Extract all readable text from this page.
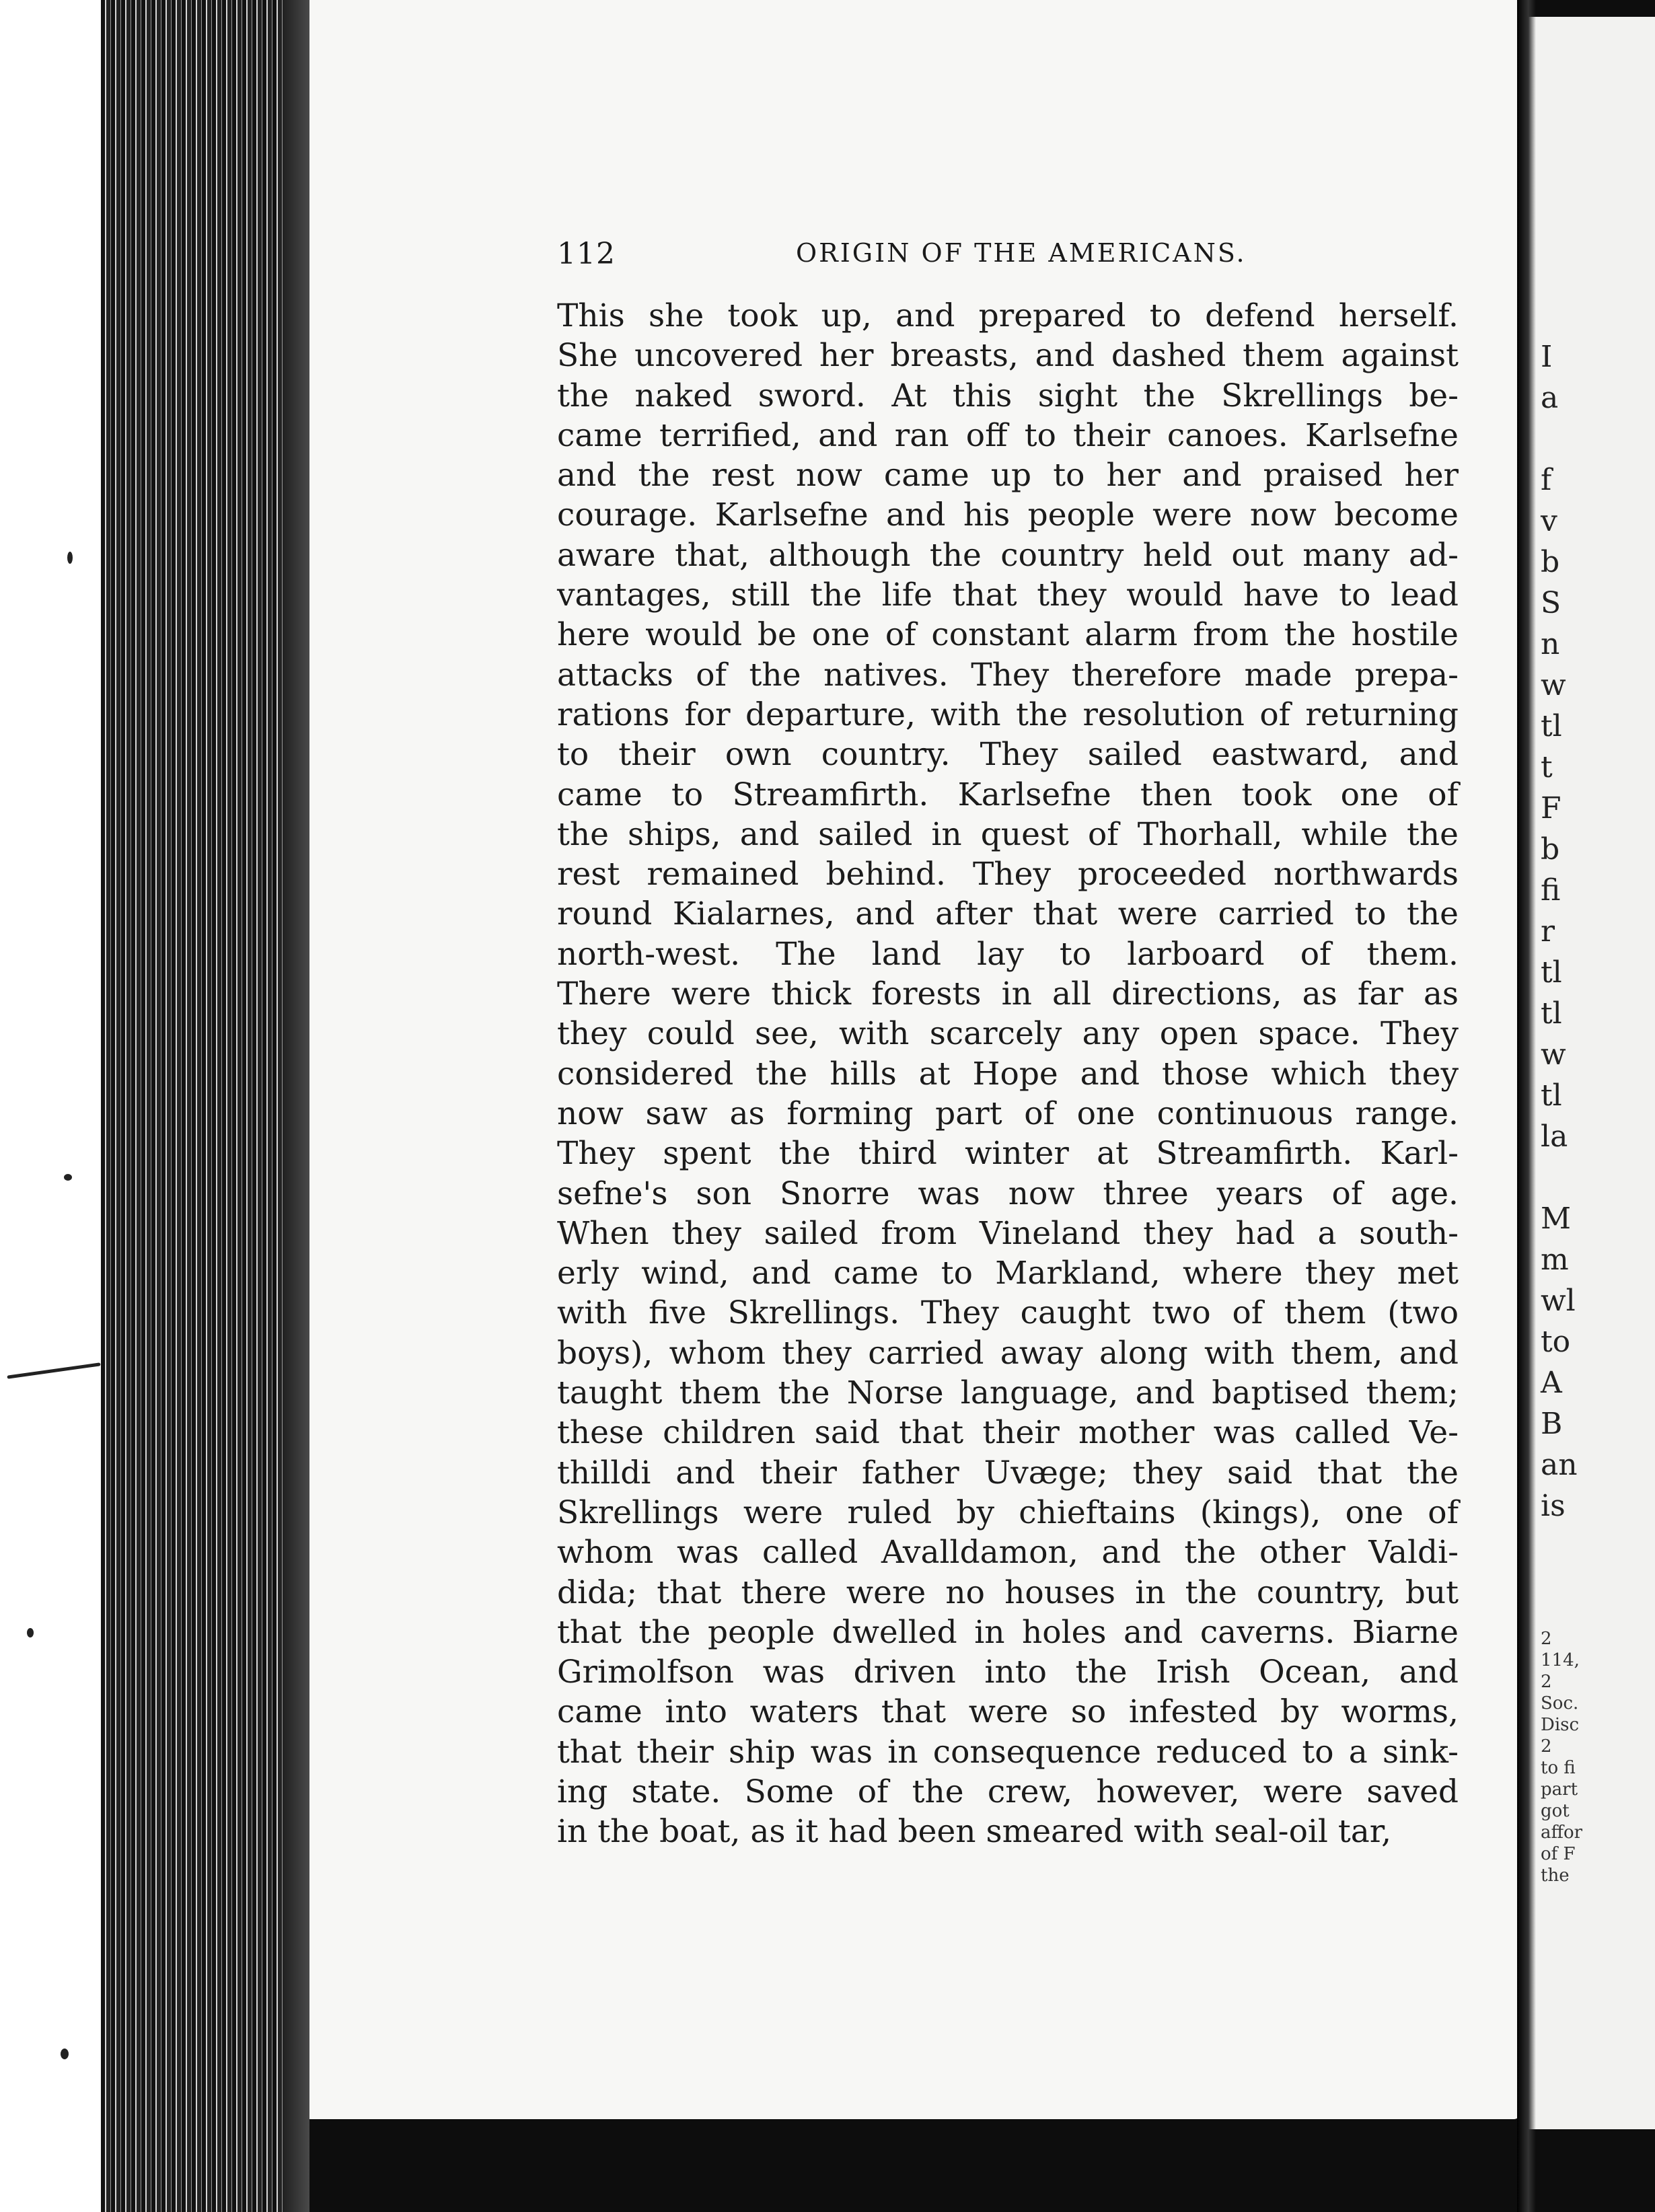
I
a
f
v
b
S
n
w
tl
t
F
b
fi
r
tl
tl
w
tl
la
M
m
wl
to
A
B
an
is
2
114,
2
Soc.
Disc
2
to fi
part
got
affor
of F
the
112	ORIGIN OF THE AMERICANS.
This she took up, and prepared to defend herself.
She uncovered her breasts, and dashed them against
the naked sword. At this sight the Skrellings be-
came terrified, and ran off to their canoes. Karlsefne
and the rest now came up to her and praised her
courage. Karlsefne and his people were now become
aware that, although the country held out many ad-
vantages, still the life that they would have to lead
here would be one of constant alarm from the hostile
attacks of the natives. They therefore made prepa-
rations for departure, with the resolution of returning
to their own country. They sailed eastward, and
came to Streamfirth. Karlsefne then took one of
the ships, and sailed in quest of Thorhall, while the
rest remained behind. They proceeded northwards
round Kialarnes, and after that were carried to the
north-west. The land lay to larboard of them.
There were thick forests in all directions, as far as
they could see, with scarcely any open space. They
considered the hills at Hope and those which they
now saw as forming part of one continuous range.
They spent the third winter at Streamfirth. Karl-
sefne's son Snorre was now three years of age.
When they sailed from Vineland they had a south-
erly wind, and came to Markland, where they met
with five Skrellings. They caught two of them (two
boys), whom they carried away along with them, and
taught them the Norse language, and baptised them;
these children said that their mother was called Ve-
thilldi and their father Uvæge; they said that the
Skrellings were ruled by chieftains (kings), one of
whom was called Avalldamon, and the other Valdi-
dida; that there were no houses in the country, but
that the people dwelled in holes and caverns. Biarne
Grimolfson was driven into the Irish Ocean, and
came into waters that were so infested by worms,
that their ship was in consequence reduced to a sink-
ing state. Some of the crew, however, were saved
in the boat, as it had been smeared with seal-oil tar,
